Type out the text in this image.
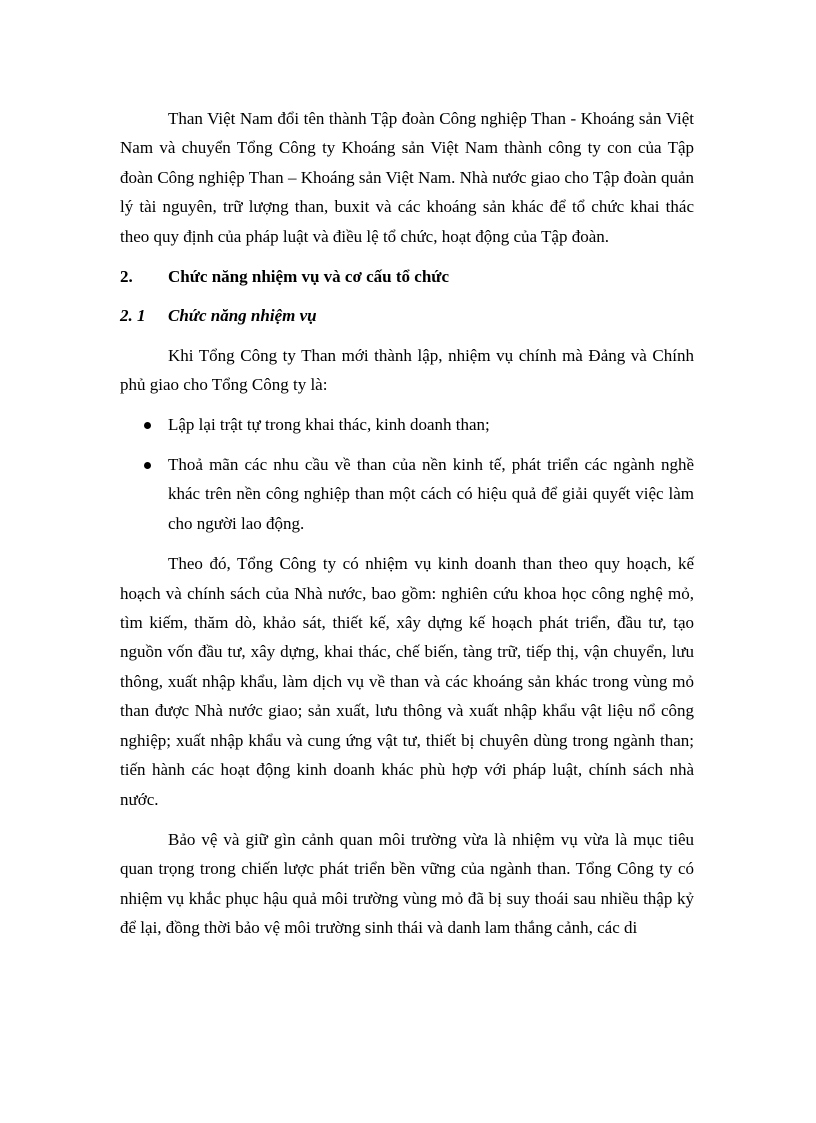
Than Việt Nam đổi tên thành Tập đoàn Công nghiệp Than - Khoáng sản Việt Nam và chuyển Tổng Công ty Khoáng sản Việt Nam thành công ty con của Tập đoàn Công nghiệp Than – Khoáng sản Việt Nam. Nhà nước giao cho Tập đoàn quản lý tài nguyên, trữ lượng than, buxit và các khoáng sản khác để tổ chức khai thác theo quy định của pháp luật và điều lệ tổ chức, hoạt động của Tập đoàn.

2.	Chức năng nhiệm vụ và cơ cấu tổ chức
2. 1	Chức năng nhiệm vụ

Khi Tổng Công ty Than mới thành lập, nhiệm vụ chính mà Đảng và Chính phủ giao cho Tổng Công ty là:

Lập lại trật tự trong khai thác, kinh doanh than;
Thoả mãn các nhu cầu về than của nền kinh tế, phát triển các ngành nghề khác trên nền công nghiệp than một cách có hiệu quả để giải quyết việc làm cho người lao động.

Theo đó, Tổng Công ty có nhiệm vụ kinh doanh than theo quy hoạch, kế hoạch và chính sách của Nhà nước, bao gồm: nghiên cứu khoa học công nghệ mỏ, tìm kiếm, thăm dò, khảo sát, thiết kế, xây dựng kế hoạch phát triển, đầu tư, tạo nguồn vốn đầu tư, xây dựng, khai thác, chế biến, tàng trữ, tiếp thị, vận chuyển, lưu thông, xuất nhập khẩu, làm dịch vụ về than và các khoáng sản khác trong vùng mỏ than được Nhà nước giao; sản xuất, lưu thông và xuất nhập khẩu vật liệu nổ công nghiệp; xuất nhập khẩu và cung ứng vật tư, thiết bị chuyên dùng trong ngành than; tiến hành các hoạt động kinh doanh khác phù hợp với pháp luật, chính sách nhà nước.

Bảo vệ và giữ gìn cảnh quan môi trường vừa là nhiệm vụ vừa là mục tiêu quan trọng trong chiến lược phát triển bền vững của ngành than. Tổng Công ty có nhiệm vụ khắc phục hậu quả môi trường vùng mỏ đã bị suy thoái sau nhiều thập kỷ để lại, đồng thời bảo vệ môi trường sinh thái và danh lam thắng cảnh, các di
